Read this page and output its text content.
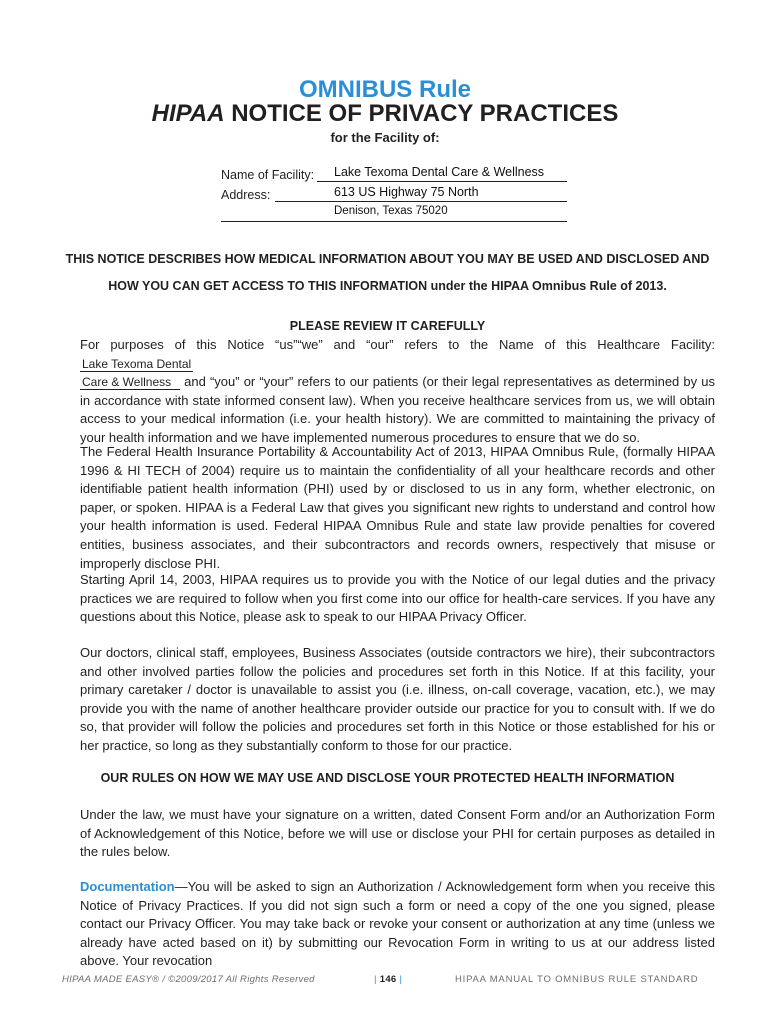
OMNIBUS Rule
HIPAA NOTICE OF PRIVACY PRACTICES
for the Facility of:
Name of Facility: Lake Texoma Dental Care & Wellness
Address:	613 US Highway 75 North
Denison, Texas 75020
THIS NOTICE DESCRIBES HOW MEDICAL INFORMATION ABOUT YOU MAY BE USED AND DISCLOSED AND
HOW YOU CAN GET ACCESS TO THIS INFORMATION under the HIPAA Omnibus Rule of 2013.
PLEASE REVIEW IT CAREFULLY
For purposes of this Notice “us”“we” and “our” refers to the Name of this Healthcare Facility: Lake Texoma Dental
Care & Wellness and “you” or “your” refers to our patients (or their legal representatives as determined by us in accordance with state informed consent law). When you receive healthcare services from us, we will obtain access to your medical information (i.e. your health history). We are committed to maintaining the privacy of your health information and we have implemented numerous procedures to ensure that we do so.
The Federal Health Insurance Portability & Accountability Act of 2013, HIPAA Omnibus Rule, (formally HIPAA 1996 & HI TECH of 2004) require us to maintain the confidentiality of all your healthcare records and other identifiable patient health information (PHI) used by or disclosed to us in any form, whether electronic, on paper, or spoken. HIPAA is a Federal Law that gives you significant new rights to understand and control how your health information is used. Federal HIPAA Omnibus Rule and state law provide penalties for covered entities, business associates, and their subcontractors and records owners, respectively that misuse or improperly disclose PHI.
Starting April 14, 2003, HIPAA requires us to provide you with the Notice of our legal duties and the privacy practices we are required to follow when you first come into our office for health-care services. If you have any questions about this Notice, please ask to speak to our HIPAA Privacy Officer.
Our doctors, clinical staff, employees, Business Associates (outside contractors we hire), their subcontractors and other involved parties follow the policies and procedures set forth in this Notice. If at this facility, your primary caretaker / doctor is unavailable to assist you (i.e. illness, on-call coverage, vacation, etc.), we may provide you with the name of another healthcare provider outside our practice for you to consult with. If we do so, that provider will follow the policies and procedures set forth in this Notice or those established for his or her practice, so long as they substantially conform to those for our practice.
OUR RULES ON HOW WE MAY USE AND DISCLOSE YOUR PROTECTED HEALTH INFORMATION
Under the law, we must have your signature on a written, dated Consent Form and/or an Authorization Form of Acknowledgement of this Notice, before we will use or disclose your PHI for certain purposes as detailed in the rules below.
Documentation—You will be asked to sign an Authorization / Acknowledgement form when you receive this Notice of Privacy Practices. If you did not sign such a form or need a copy of the one you signed, please contact our Privacy Officer. You may take back or revoke your consent or authorization at any time (unless we already have acted based on it) by submitting our Revocation Form in writing to us at our address listed above. Your revocation
HIPAA MADE EASY® / ©2009/2017 All Rights Reserved	| 146 |	HIPAA MANUAL TO OMNIBUS RULE STANDARD
